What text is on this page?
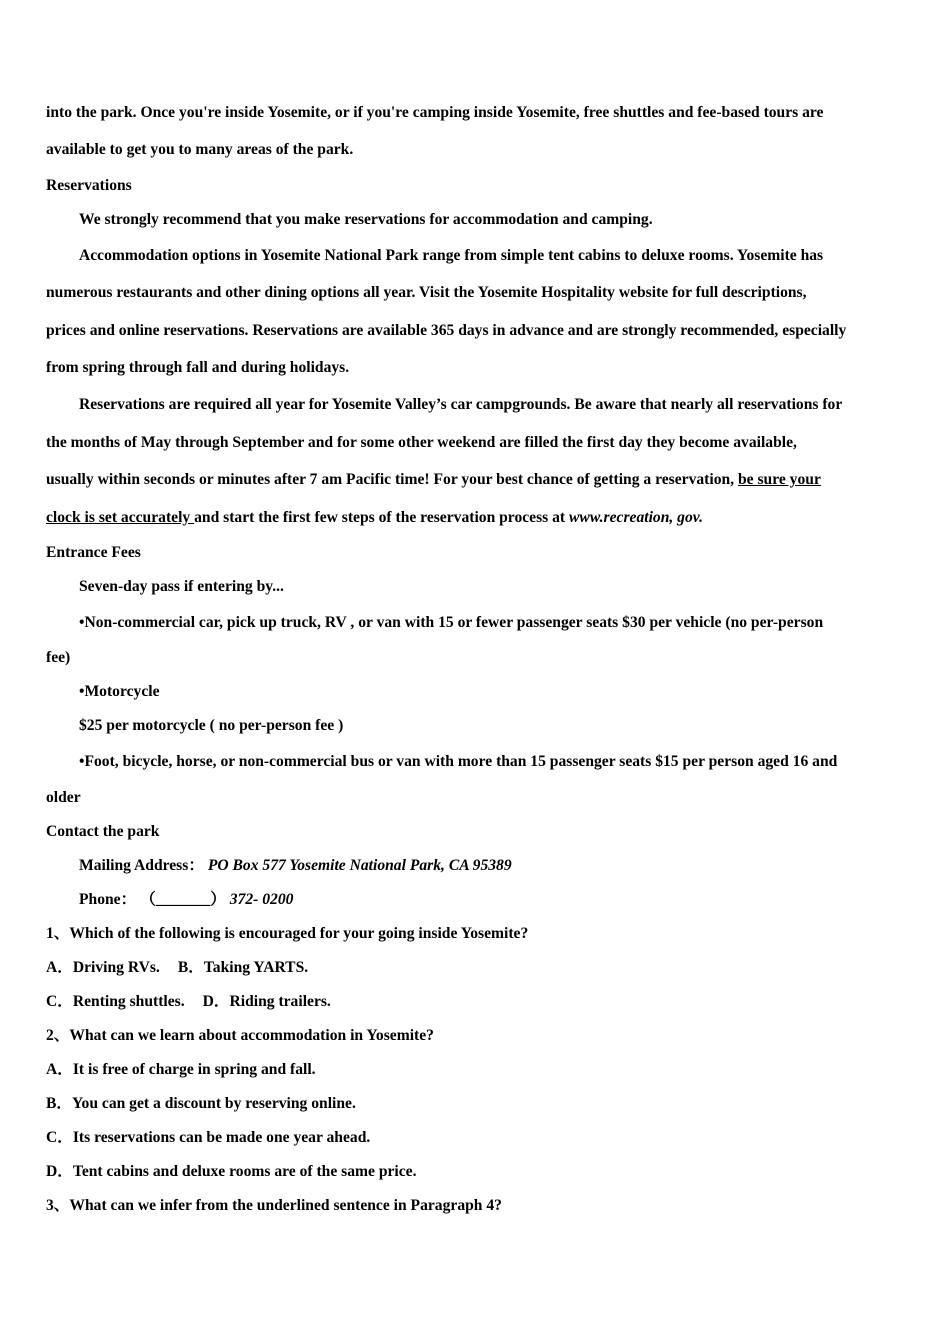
into the park. Once you're inside Yosemite, or if you're camping inside Yosemite, free shuttles and fee-based tours are

available to get you to many areas of the park.

Reservations

We strongly recommend that you make reservations for accommodation and camping.

Accommodation options in Yosemite National Park range from simple tent cabins to deluxe rooms. Yosemite has

numerous restaurants and other dining options all year. Visit the Yosemite Hospitality website for full descriptions,

prices and online reservations. Reservations are available 365 days in advance and are strongly recommended, especially

from spring through fall and during holidays.

Reservations are required all year for Yosemite Valley’s car campgrounds. Be aware that nearly all reservations for

the months of May through September and for some other weekend are filled the first day they become available,

usually within seconds or minutes after 7 am Pacific time! For your best chance of getting a reservation, be sure your

clock is set accurately and start the first few steps of the reservation process at www.recreation, gov.

Entrance Fees

Seven-day pass if entering by...

•Non-commercial car, pick up truck, RV , or van with 15 or fewer passenger seats $30 per vehicle (no per-person

fee)

•Motorcycle

$25 per motorcycle ( no per-person fee )

•Foot, bicycle, horse, or non-commercial bus or van with more than 15 passenger seats $15 per person aged 16 and

older

Contact the park

Mailing Address： PO Box 577 Yosemite National Park, CA 95389

Phone： （_______） 372- 0200

1、Which of the following is encouraged for your going inside Yosemite?

A．Driving RVs. B．Taking YARTS.

C．Renting shuttles. D．Riding trailers.

2、What can we learn about accommodation in Yosemite?

A．It is free of charge in spring and fall.

B．You can get a discount by reserving online.

C．Its reservations can be made one year ahead.

D．Tent cabins and deluxe rooms are of the same price.

3、What can we infer from the underlined sentence in Paragraph 4?
